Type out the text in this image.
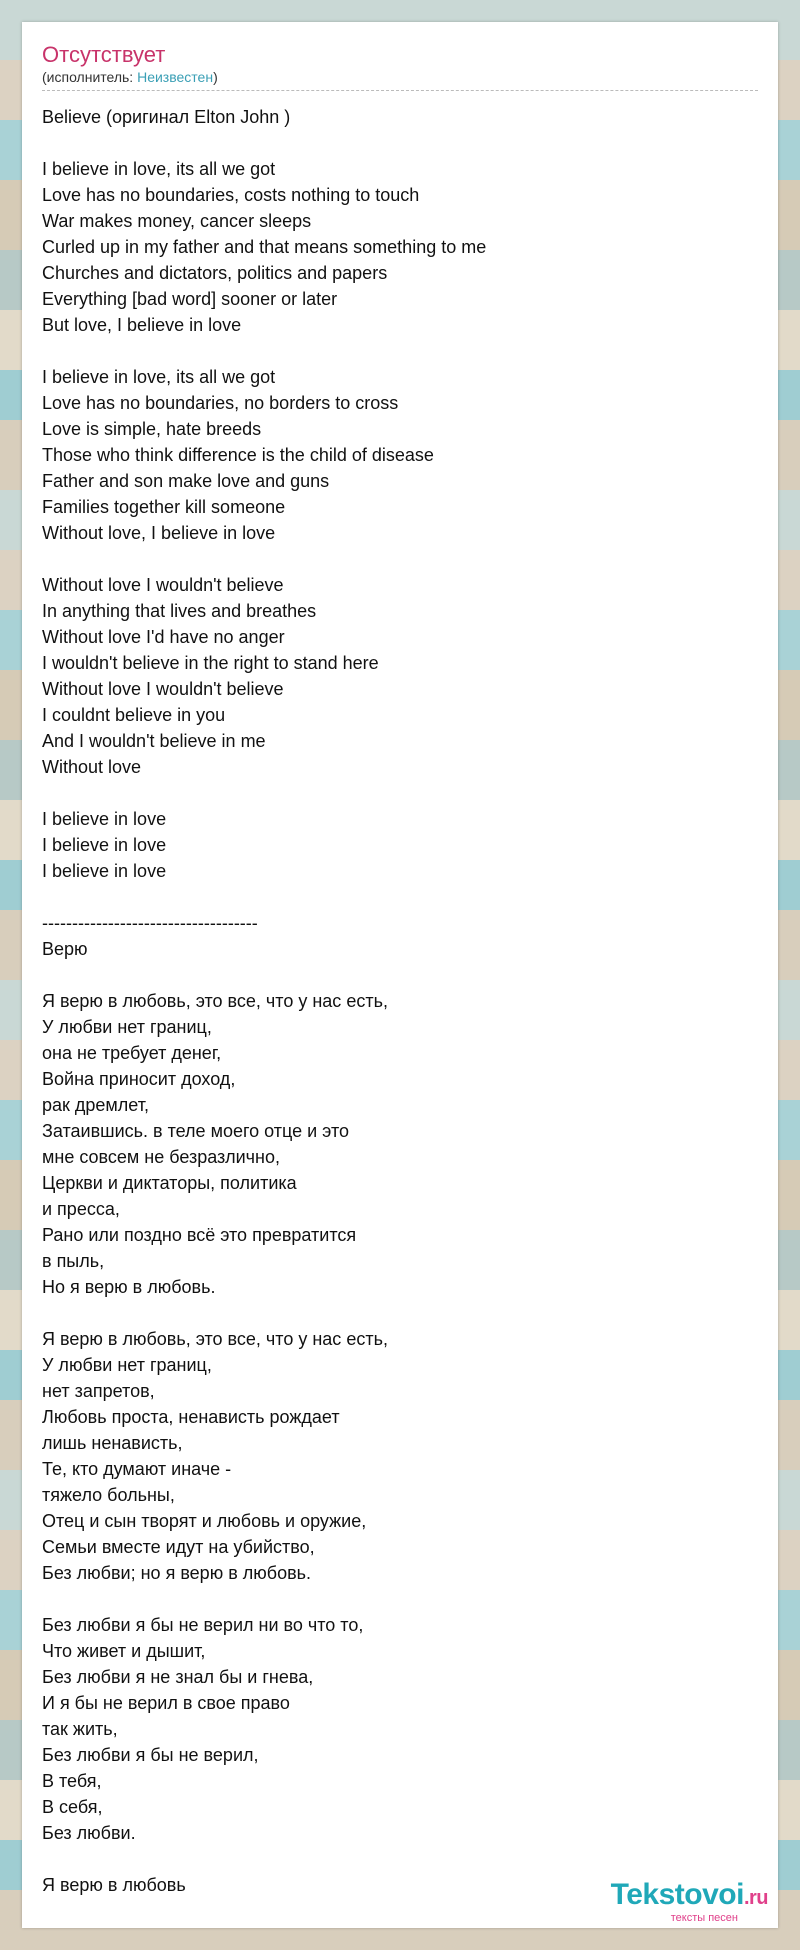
Отсутствует
(исполнитель: Неизвестен)
Believe (оригинал Elton John )
I believe in love, its all we got
Love has no boundaries, costs nothing to touch
War makes money, cancer sleeps
Curled up in my father and that means something to me
Churches and dictators, politics and papers
Everything [bad word] sooner or later
But love, I believe in love
I believe in love, its all we got
Love has no boundaries, no borders to cross
Love is simple, hate breeds
Those who think difference is the child of disease
Father and son make love and guns
Families together kill someone
Without love, I believe in love
Without love I wouldn't believe
In anything that lives and breathes
Without love I'd have no anger
I wouldn't believe in the right to stand here
Without love I wouldn't believe
I couldnt believe in you
And I wouldn't believe in me
Without love
I believe in love
I believe in love
I believe in love
------------------------------------
Верю
Я верю в любовь, это все, что у нас есть,
У любви нет границ,
она не требует денег,
Война приносит доход,
рак дремлет,
Затаившись. в теле моего отце и это
мне совсем не безразлично,
Церкви и диктаторы, политика
и пресса,
Рано или поздно всё это превратится
в пыль,
Но я верю в любовь.
Я верю в любовь, это все, что у нас есть,
У любви нет границ,
нет запретов,
Любовь проста, ненависть рождает
лишь ненависть,
Те, кто думают иначе -
тяжело больны,
Отец и сын творят и любовь и оружие,
Семьи вместе идут на убийство,
Без любви; но я верю в любовь.
Без любви я бы не верил ни во что то,
Что живет и дышит,
Без любви я не знал бы и гнева,
И я бы не верил в свое право
так жить,
Без любви я бы не верил,
В тебя,
В себя,
Без любви.
Я верю в любовь	Tekstovoi.ru
тексты песен
